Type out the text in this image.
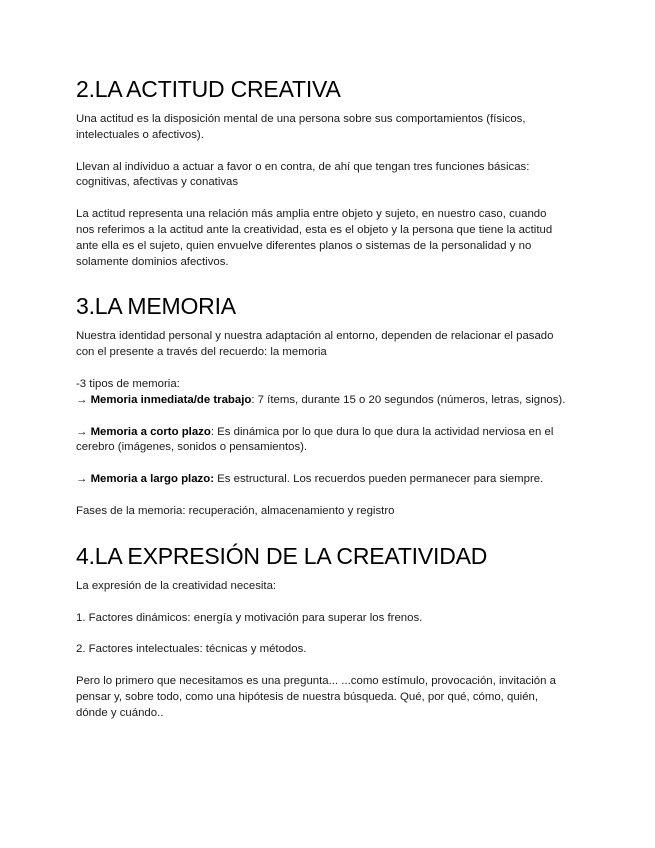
2.LA ACTITUD CREATIVA

Una actitud es la disposición mental de una persona sobre sus comportamientos (físicos, intelectuales o afectivos).

Llevan al individuo a actuar a favor o en contra, de ahí que tengan tres funciones básicas: cognitivas, afectivas y conativas

La actitud representa una relación más amplia entre objeto y sujeto, en nuestro caso, cuando nos referimos a la actitud ante la creatividad, esta es el objeto y la persona que tiene la actitud ante ella es el sujeto, quien envuelve diferentes planos o sistemas de la personalidad y no solamente dominios afectivos.

3.LA MEMORIA

Nuestra identidad personal y nuestra adaptación al entorno, dependen de relacionar el pasado con el presente a través del recuerdo: la memoria

-3 tipos de memoria:

→ Memoria inmediata/de trabajo: 7 ítems, durante 15 o 20 segundos (números, letras, signos).

→ Memoria a corto plazo: Es dinámica por lo que dura lo que dura la actividad nerviosa en el cerebro (imágenes, sonidos o pensamientos).

→ Memoria a largo plazo: Es estructural. Los recuerdos pueden permanecer para siempre.

Fases de la memoria: recuperación, almacenamiento y registro

4.LA EXPRESIÓN DE LA CREATIVIDAD

La expresión de la creatividad necesita:

1. Factores dinámicos: energía y motivación para superar los frenos.

2. Factores intelectuales: técnicas y métodos.

Pero lo primero que necesitamos es una pregunta... ...como estímulo, provocación, invitación a pensar y, sobre todo, como una hipótesis de nuestra búsqueda. Qué, por qué, cómo, quién, dónde y cuándo..
